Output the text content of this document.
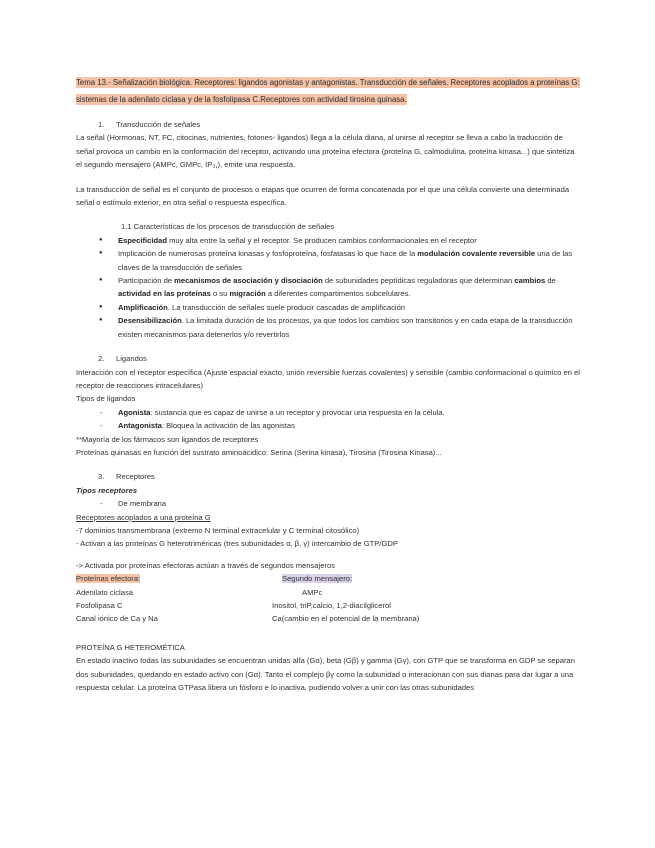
Tema 13.- Señalización biológica. Receptores: ligandos agonistas y antagonistas. Transducción de señales. Receptores acoplados a proteínas G: sistemas de la adenilato ciclasa y de la fosfolipasa C.Receptores con actividad tirosina quinasa.
1. Transducción de señales

La señal (Hormonas, NT, FC, citocinas, nutrientes, fotones- ligandos) llega a la célula diana, al unirse al receptor se lleva a cabo la traducción de señal provoca un cambio en la conformación del receptor, activando una proteína efectora (proteína G, calmodulina, proteína kinasa...) que sintetiza el segundo mensajero (AMPc, GMPc, IP₃,), emite una respuesta.

La transducción de señal es el conjunto de procesos o etapas que ocurren de forma concatenada por el que una célula convierte una determinada señal o estímulo exterior, en otra señal o respuesta específica.

1.1 Características de los procesos de transducción de señales
● Especificidad muy alta entre la señal y el receptor. Se producen cambios conformacionales en el receptor
● Implicación de numerosas proteína kinasas y fosfoproteína, fosfatasas lo que hace de la modulación covalente reversible una de las claves de la transducción de señales
● Participación de mecanismos de asociación y disociación de subunidades peptídicas reguladoras que determinan cambios de actividad en las proteínas o su migración a diferentes compartimentos subcelulares.
● Amplificación. La transducción de señales suele producir cascadas de amplificación
● Desensibilización. La limitada duración de los procesos, ya que todos los cambios son transitorios y en cada etapa de la transducción existen mecanismos para detenerlos y/o revertirlos
2. Ligandos

Interacción con el receptor específica (Ajuste espacial exacto, unión reversible fuerzas covalentes) y sensible (cambio conformacional o químico en el receptor de reacciones intracelulares)

Tipos de ligandos

- Agonista: sustancia que es capaz de unirse a un receptor y provocar una respuesta en la célula.
- Antagonista: Bloquea la activación de las agonistas

**Mayoría de los fármacos son ligandos de receptores

Proteínas quinasas en función del sustrato aminoácidico: Serina (Serina kinasa), Tirosina (Tirosina Kinasa)...

3. Receptores

Tipos receptores

- De membrana

Receptores acoplados a una proteína G

-7 dominios transmembrana (extremo N terminal extracelular y C terminal citosólico)

- Activan a las proteínas G heterotriméricas (tres subunidades α, β, γ) intercambio de GTP/GDP

-> Activada por proteínas efectoras actúan a través de segundos mensajeros

Proteínas efectora:	Segundo mensajero:
Adenilato ciclasa	AMPc
Fosfolipasa C	Inositol, triP,calcio, 1,2-diacilglicerol
Canal iónico de Ca y Na	Ca(cambio en el potencial de la membrana)

PROTEÍNA G HETEROMÉTICA

En estado inactivo todas las subunidades se encuentran unidas alfa (Gα), beta (Gβ) y gamma (Gγ), con GTP que se transforma en GDP se separan dos subunidades, quedando en estado activo con (Gα). Tanto el complejo βγ como la subunidad α interacionan con sus dianas para dar lugar a una respuesta celular. La proteína GTPasa libera un fósforo e lo inactiva, pudiendo volver a unir con las otras subunidades
